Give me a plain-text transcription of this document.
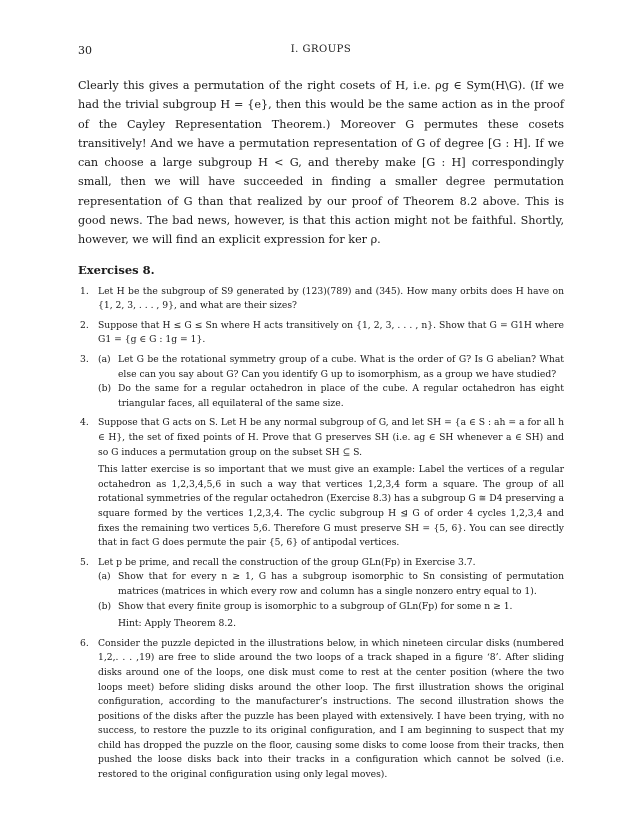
30	I. GROUPS

Clearly this gives a permutation of the right cosets of H, i.e. ρg ∈ Sym(H\G). (If we had the trivial subgroup H = {e}, then this would be the same action as in the proof of the Cayley Representation Theorem.) Moreover G permutes these cosets transitively! And we have a permutation representation of G of degree [G : H]. If we can choose a large subgroup H < G, and thereby make [G : H] correspondingly small, then we will have succeeded in finding a smaller degree permutation representation of G than that realized by our proof of Theorem 8.2 above. This is good news. The bad news, however, is that this action might not be faithful. Shortly, however, we will find an explicit expression for ker ρ.

Exercises 8.
1. Let H be the subgroup of S9 generated by (123)(789) and (345). How many orbits does H have on {1, 2, 3, . . . , 9}, and what are their sizes?
2. Suppose that H ≤ G ≤ Sn where H acts transitively on {1, 2, 3, . . . , n}. Show that G = G1H where G1 = {g ∈ G : 1g = 1}.
3. (a) Let G be the rotational symmetry group of a cube. What is the order of G? Is G abelian? What else can you say about G? Can you identify G up to isomorphism, as a group we have studied?
(b) Do the same for a regular octahedron in place of the cube. A regular octahedron has eight triangular faces, all equilateral of the same size.
4. Suppose that G acts on S. Let H be any normal subgroup of G, and let SH = {a ∈ S : ah = a for all h ∈ H}, the set of fixed points of H. Prove that G preserves SH (i.e. ag ∈ SH whenever a ∈ SH) and so G induces a permutation group on the subset SH ⊆ S.
This latter exercise is so important that we must give an example: Label the vertices of a regular octahedron as 1,2,3,4,5,6 in such a way that vertices 1,2,3,4 form a square. The group of all rotational symmetries of the regular octahedron (Exercise 8.3) has a subgroup G ≅ D4 preserving a square formed by the vertices 1,2,3,4. The cyclic subgroup H ⊴ G of order 4 cycles 1,2,3,4 and fixes the remaining two vertices 5,6. Therefore G must preserve SH = {5, 6}. You can see directly that in fact G does permute the pair {5, 6} of antipodal vertices.
5. Let p be prime, and recall the construction of the group GLn(Fp) in Exercise 3.7.
(a) Show that for every n ≥ 1, G has a subgroup isomorphic to Sn consisting of permutation matrices (matrices in which every row and column has a single nonzero entry equal to 1).
(b) Show that every finite group is isomorphic to a subgroup of GLn(Fp) for some n ≥ 1.
Hint: Apply Theorem 8.2.
6. Consider the puzzle depicted in the illustrations below, in which nineteen circular disks (numbered 1,2,. . . ,19) are free to slide around the two loops of a track shaped in a figure ‘8’. After sliding disks around one of the loops, one disk must come to rest at the center position (where the two loops meet) before sliding disks around the other loop. The first illustration shows the original configuration, according to the manufacturer’s instructions. The second illustration shows the positions of the disks after the puzzle has been played with extensively. I have been trying, with no success, to restore the puzzle to its original configuration, and I am beginning to suspect that my child has dropped the puzzle on the floor, causing some disks to come loose from their tracks, then pushed the loose disks back into their tracks in a configuration which cannot be solved (i.e. restored to the original configuration using only legal moves).
